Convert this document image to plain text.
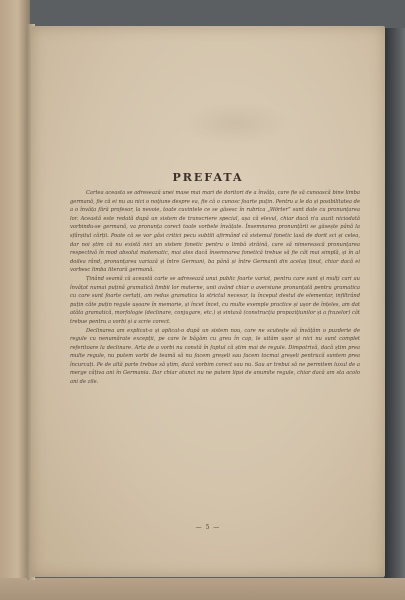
PREFATA

Cartea aceasta se adresează unei mase mai mari de doritori de a învăța, care fie să cunoască bine limba germană, fie că ei nu au nici o noțiune despre ea, fie că o cunosc foarte puțin. Pentru a le da și posibilitatea de a o învăța fără profesor, la nevoie, toate cuvintele ce se găsesc în rubrica „Wörter” sunt date cu pronunțarea lor. Această este redată după un sistem de transcriere special, așa că elevul, chiar dacă n'a auzit niciodată vorbindu-se germană, va pronunța corect toate vorbele învățate. Însemnarea pronunțării se găsește până la sfârșitul cărții. Poate că se vor găsi critici pecu subtili afirmând că sistemul fonetic lasă de dorit sci și celea, dar noi știm că nu există nici un sistem fonetic pentru o limbă străină, care să nimerească pronunțarea respectivă în mod absolut matematic, mai ales dacă însemnarea fonetică trebue să fie cât mai simplă, și în al doilea rând, pronunțarea variază și între Germani, ba până și între Germanii din acelaș ținut, chiar dacă ei vorbesc limba literară germană.

Ținând seamă că această carte se adresează unui public foarte variat, pentru care sunt și mulți cari au învățat numai puțină gramatică limbii lor materne, unii având chiar o aversiune pronunțată pentru gramatica cu care sunt foarte certați, am redus gramatica la strictul necesar, la început destul de elementar, infiltrând puțin câte puțin regule ușoare în memorie, și încet încet, cu multe exemple practice și ușor de înțeles, am dat atâta gramatică, morfologie (declinare, conjugare, etc.) și sintaxă (construcția propozițiunilor și a frazelor) cât trebue pentru a vorbi și a scrie corect.

Declinarea am explicat-o și aplicat-o după un sistem nou, care ne scutește să învățăm o puzderie de regule cu nenumărate excepții, pe care le băgăm cu greu în cap, le uităm ușor și nici nu sunt complet referitoare la declinare. Arta de a vorbi nu constă în faptul că știm mai de regule. Dimpotrivă, dacă știm prea multe regule, nu putem vorbi de teamă să nu facem greșeli sau facem tocmai greșeli pentrucă suntem prea încurcați. Pe de altă parte trebue să știm, dacă vorbim corect sau nu. Sau ar trebui să ne permitem luxul de a merge câțiva ani în Germania. Dar chiar atunci nu ne putem lipsi de anumite regule, chiar dacă am sta acolo ani de zile.

— 5 —
